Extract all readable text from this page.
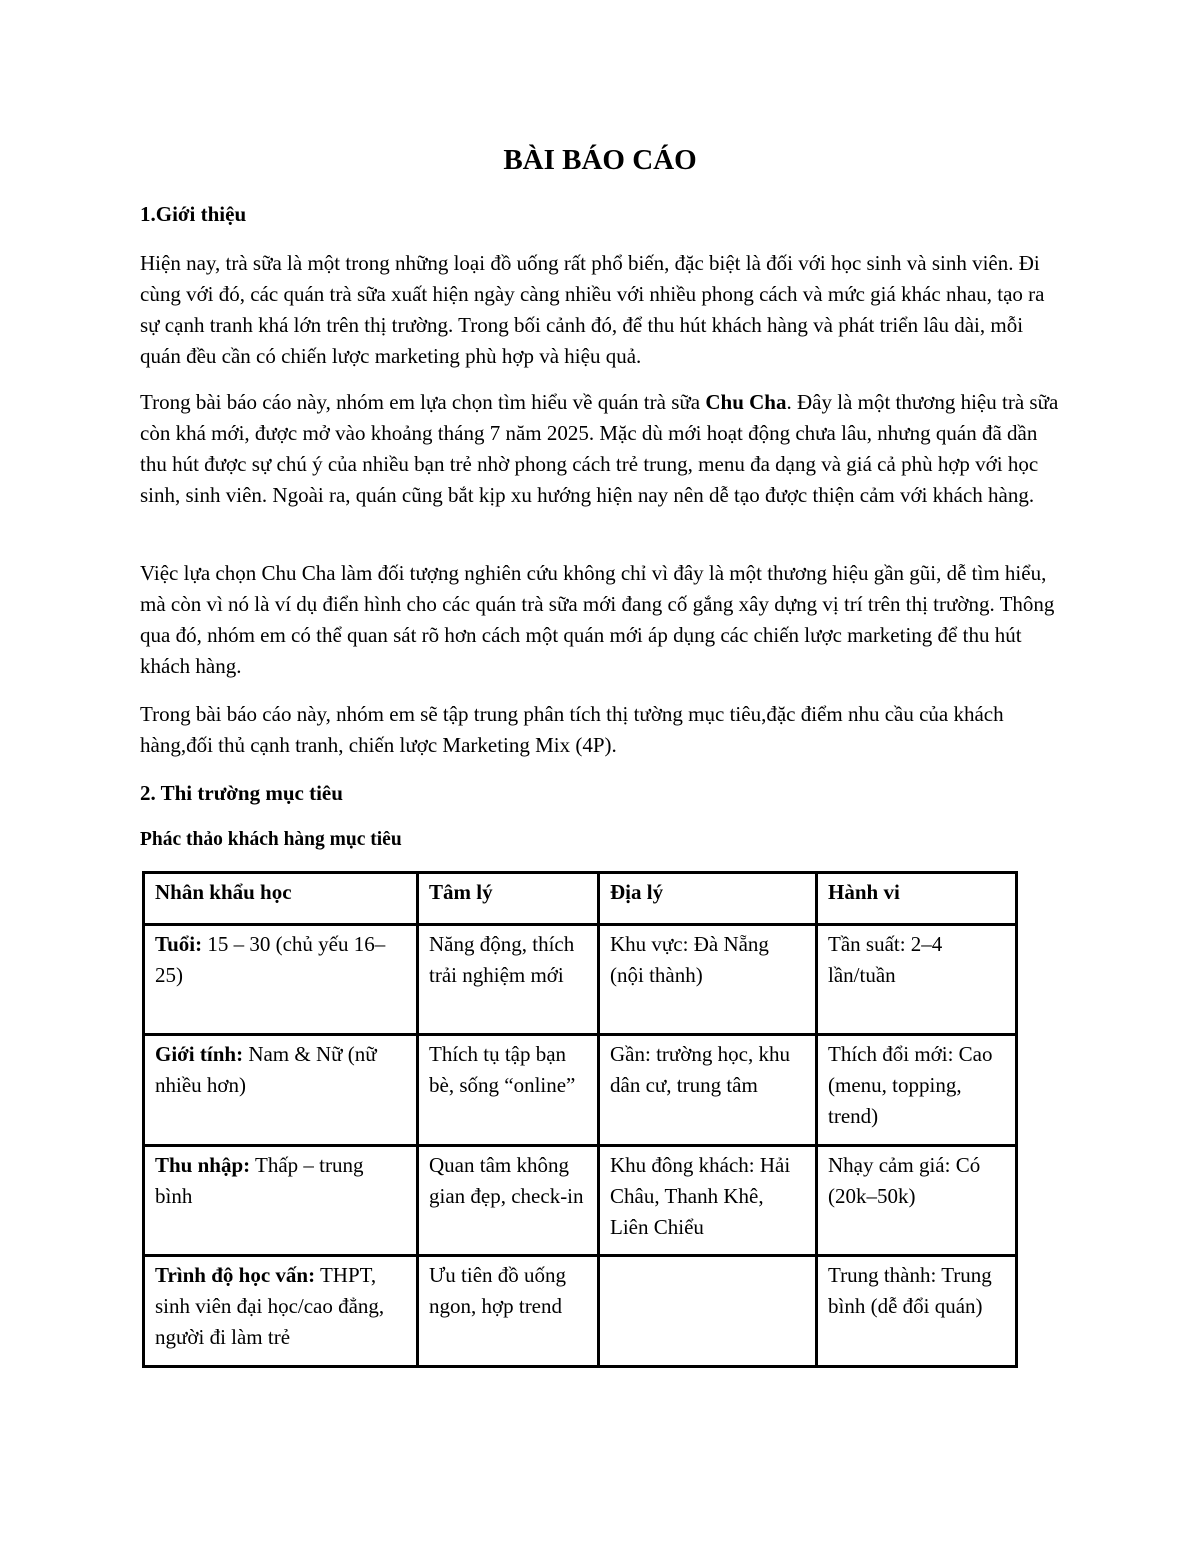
BÀI BÁO CÁO
1.Giới thiệu

Hiện nay, trà sữa là một trong những loại đồ uống rất phổ biến, đặc biệt là đối với học sinh và sinh viên. Đi cùng với đó, các quán trà sữa xuất hiện ngày càng nhiều với nhiều phong cách và mức giá khác nhau, tạo ra sự cạnh tranh khá lớn trên thị trường. Trong bối cảnh đó, để thu hút khách hàng và phát triển lâu dài, mỗi quán đều cần có chiến lược marketing phù hợp và hiệu quả.

Trong bài báo cáo này, nhóm em lựa chọn tìm hiểu về quán trà sữa Chu Cha. Đây là một thương hiệu trà sữa còn khá mới, được mở vào khoảng tháng 7 năm 2025. Mặc dù mới hoạt động chưa lâu, nhưng quán đã dần thu hút được sự chú ý của nhiều bạn trẻ nhờ phong cách trẻ trung, menu đa dạng và giá cả phù hợp với học sinh, sinh viên. Ngoài ra, quán cũng bắt kịp xu hướng hiện nay nên dễ tạo được thiện cảm với khách hàng.

Việc lựa chọn Chu Cha làm đối tượng nghiên cứu không chỉ vì đây là một thương hiệu gần gũi, dễ tìm hiểu, mà còn vì nó là ví dụ điển hình cho các quán trà sữa mới đang cố gắng xây dựng vị trí trên thị trường. Thông qua đó, nhóm em có thể quan sát rõ hơn cách một quán mới áp dụng các chiến lược marketing để thu hút khách hàng.

Trong bài báo cáo này, nhóm em sẽ tập trung phân tích thị tường mục tiêu,đặc điểm nhu cầu của khách hàng,đối thủ cạnh tranh, chiến lược Marketing Mix (4P).

2. Thi trường mục tiêu
Phác thảo khách hàng mục tiêu
Nhân khẩu học	Tâm lý	Địa lý	Hành vi
Tuổi: 15 – 30 (chủ yếu 16–25)	Năng động, thích trải nghiệm mới	Khu vực: Đà Nẵng (nội thành)	Tần suất: 2–4 lần/tuần
Giới tính: Nam & Nữ (nữ nhiều hơn)	Thích tụ tập bạn bè, sống “online”	Gần: trường học, khu dân cư, trung tâm	Thích đổi mới: Cao (menu, topping, trend)
Thu nhập: Thấp – trung bình	Quan tâm không gian đẹp, check-in	Khu đông khách: Hải Châu, Thanh Khê, Liên Chiểu	Nhạy cảm giá: Có (20k–50k)
Trình độ học vấn: THPT, sinh viên đại học/cao đẳng, người đi làm trẻ	Ưu tiên đồ uống ngon, hợp trend		Trung thành: Trung bình (dễ đổi quán)
